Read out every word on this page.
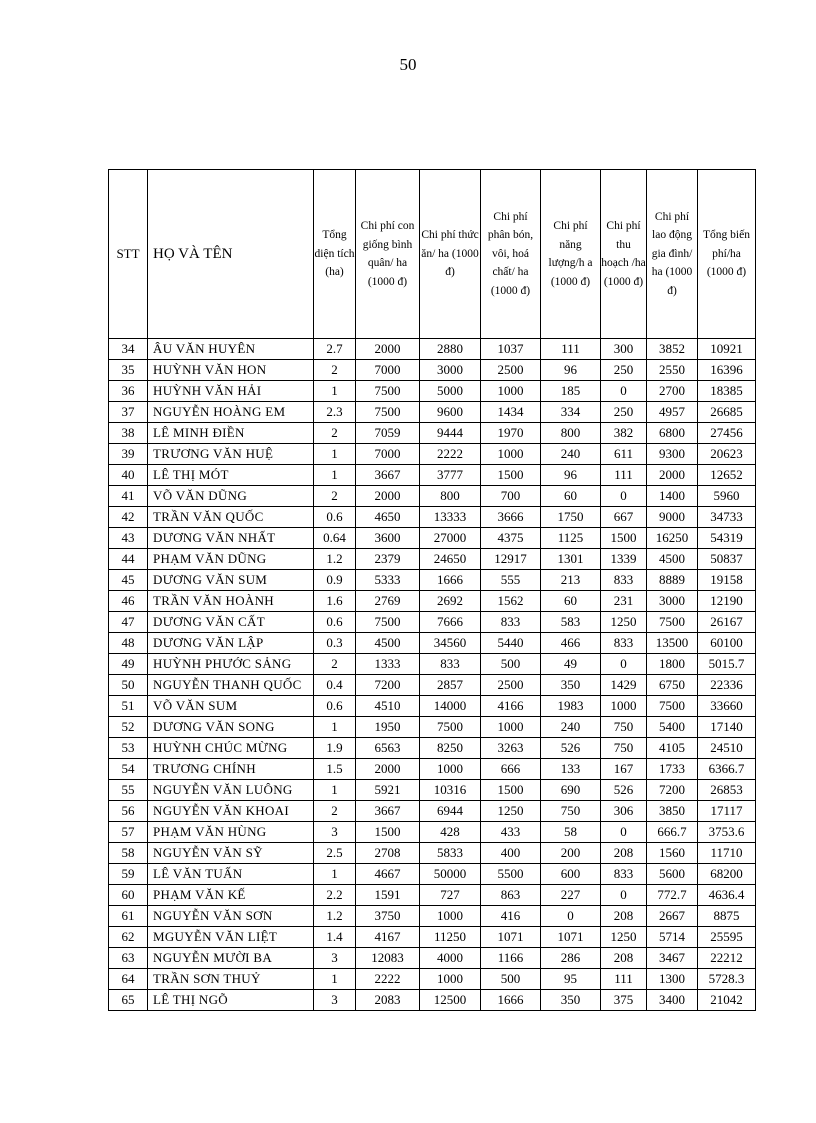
50
STT	HỌ VÀ TÊN	Tổng diện tích (ha)	Chi phí con giống bình quân/ ha (1000 đ)	Chi phí thức ăn/ ha (1000 đ)	Chi phí phân bón, vôi, hoá chất/ ha (1000 đ)	Chi phí năng lượng/h a (1000 đ)	Chi phí thu hoạch /ha (1000 đ)	Chi phí lao động gia đình/ ha (1000 đ)	Tổng biến phí/ha (1000 đ)
34	ÂU VĂN HUYÊN	2.7	2000	2880	1037	111	300	3852	10921
35	HUỲNH VĂN HON	2	7000	3000	2500	96	250	2550	16396
36	HUỲNH VĂN HẢI	1	7500	5000	1000	185	0	2700	18385
37	NGUYỄN HOÀNG EM	2.3	7500	9600	1434	334	250	4957	26685
38	LÊ MINH ĐIỀN	2	7059	9444	1970	800	382	6800	27456
39	TRƯƠNG VĂN HUỆ	1	7000	2222	1000	240	611	9300	20623
40	LÊ THỊ MÓT	1	3667	3777	1500	96	111	2000	12652
41	VÕ VĂN DŨNG	2	2000	800	700	60	0	1400	5960
42	TRẦN VĂN QUỐC	0.6	4650	13333	3666	1750	667	9000	34733
43	DƯƠNG VĂN NHẤT	0.64	3600	27000	4375	1125	1500	16250	54319
44	PHẠM VĂN DŨNG	1.2	2379	24650	12917	1301	1339	4500	50837
45	DƯƠNG VĂN SUM	0.9	5333	1666	555	213	833	8889	19158
46	TRẦN VĂN HOÀNH	1.6	2769	2692	1562	60	231	3000	12190
47	DƯƠNG VĂN CẤT	0.6	7500	7666	833	583	1250	7500	26167
48	DƯƠNG VĂN LẬP	0.3	4500	34560	5440	466	833	13500	60100
49	HUỲNH PHƯỚC SẢNG	2	1333	833	500	49	0	1800	5015.7
50	NGUYỄN THANH QUỐC	0.4	7200	2857	2500	350	1429	6750	22336
51	VÕ VĂN SUM	0.6	4510	14000	4166	1983	1000	7500	33660
52	DƯƠNG VĂN SONG	1	1950	7500	1000	240	750	5400	17140
53	HUỲNH CHÚC MỪNG	1.9	6563	8250	3263	526	750	4105	24510
54	TRƯƠNG CHÍNH	1.5	2000	1000	666	133	167	1733	6366.7
55	NGUYỄN VĂN LUÔNG	1	5921	10316	1500	690	526	7200	26853
56	NGUYỄN VĂN KHOAI	2	3667	6944	1250	750	306	3850	17117
57	PHẠM VĂN HÙNG	3	1500	428	433	58	0	666.7	3753.6
58	NGUYỄN VĂN SỸ	2.5	2708	5833	400	200	208	1560	11710
59	LÊ VĂN TUẤN	1	4667	50000	5500	600	833	5600	68200
60	PHẠM VĂN KẾ	2.2	1591	727	863	227	0	772.7	4636.4
61	NGUYỄN VĂN SƠN	1.2	3750	1000	416	0	208	2667	8875
62	MGUYỄN VĂN LIỆT	1.4	4167	11250	1071	1071	1250	5714	25595
63	NGUYỄN MƯỜI BA	3	12083	4000	1166	286	208	3467	22212
64	TRẦN SƠN THUỶ	1	2222	1000	500	95	111	1300	5728.3
65	LÊ THỊ NGÕ	3	2083	12500	1666	350	375	3400	21042
